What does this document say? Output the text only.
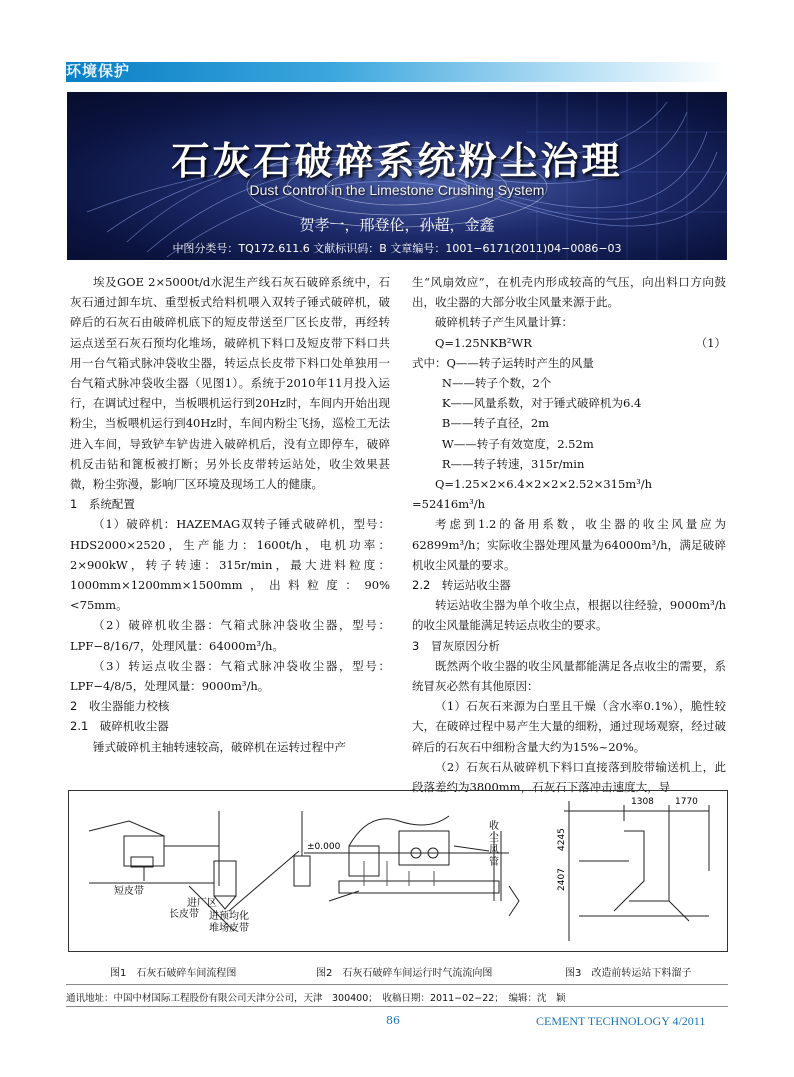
环境保护
石灰石破碎系统粉尘治理
Dust Control in the Limestone Crushing System
贺孝一，邢登伦，孙超，金鑫
中图分类号：TQ172.611.6 文献标识码：B 文章编号：1001−6171(2011)04−0086−03

埃及GOE 2×5000t/d水泥生产线石灰石破碎系统中，石灰石通过卸车坑、重型板式给料机喂入双转子锤式破碎机，破碎后的石灰石由破碎机底下的短皮带送至厂区长皮带，再经转运点送至石灰石预均化堆场，破碎机下料口及短皮带下料口共用一台气箱式脉冲袋收尘器，转运点长皮带下料口处单独用一台气箱式脉冲袋收尘器（见图1）。系统于2010年11月投入运行，在调试过程中，当板喂机运行到20Hz时，车间内开始出现粉尘，当板喂机运行到40Hz时，车间内粉尘飞扬，巡检工无法进入车间，导致铲车铲齿进入破碎机后，没有立即停车，破碎机反击钻和篦板被打断；另外长皮带转运站处，收尘效果甚微，粉尘弥漫，影响厂区环境及现场工人的健康。

1　系统配置

（1）破碎机：HAZEMAG双转子锤式破碎机，型号：HDS2000×2520，生产能力：1600t/h，电机功率：2×900kW，转子转速：315r/min，最大进料粒度：1000mm×1200mm×1500mm，出料粒度：90%<75mm。

（2）破碎机收尘器：气箱式脉冲袋收尘器，型号：LPF−8/16/7，处理风量：64000m³/h。

（3）转运点收尘器：气箱式脉冲袋收尘器，型号：LPF−4/8/5，处理风量：9000m³/h。

2　收尘器能力校核

2.1　破碎机收尘器

锤式破碎机主轴转速较高，破碎机在运转过程中产

生“风扇效应”，在机壳内形成较高的气压，向出料口方向鼓出，收尘器的大部分收尘风量来源于此。

破碎机转子产生风量计算：

Q=1.25NKB²WR	（1）

式中：Q——转子运转时产生的风量

N——转子个数，2个

K——风量系数，对于锤式破碎机为6.4

B——转子直径，2m

W——转子有效宽度，2.52m

R——转子转速，315r/min

Q=1.25×2×6.4×2×2×2.52×315m³/h =52416m³/h

考虑到1.2的备用系数，收尘器的收尘风量应为62899m³/h；实际收尘器处理风量为64000m³/h，满足破碎机收尘风量的要求。

2.2　转运站收尘器

转运站收尘器为单个收尘点，根据以往经验，9000m³/h的收尘风量能满足转运点收尘的要求。

3　冒灰原因分析

既然两个收尘器的收尘风量都能满足各点收尘的需要，系统冒灰必然有其他原因：

（1）石灰石来源为白垩且干燥（含水率0.1%），脆性较大，在破碎过程中易产生大量的细粉，通过现场观察，经过破碎后的石灰石中细粉含量大约为15%~20%。

（2）石灰石从破碎机下料口直接落到胶带输送机上，此段落差约为3800mm，石灰石下落冲击速度大，导

短皮带
进厂区
长皮带 进预均化
堆场皮带
±0.000
收
尘
风
管
1308 1770
4245
2407
图1　石灰石破碎车间流程图	图2　石灰石破碎车间运行时气流流向图	图3　改造前转运站下料溜子
通讯地址：中国中材国际工程股份有限公司天津分公司，天津　300400；　收稿日期：2011−02−22；　编辑：沈　颖
86	CEMENT TECHNOLOGY 4/2011
